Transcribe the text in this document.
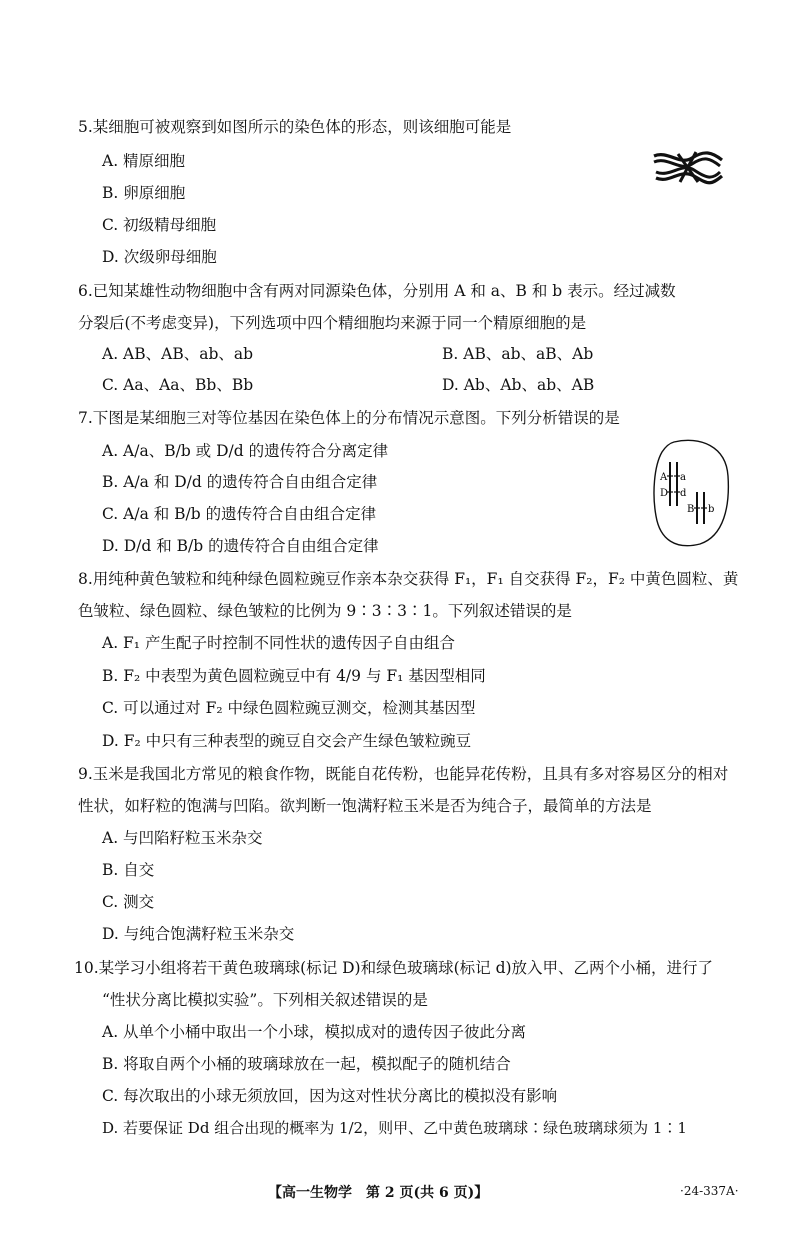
5.某细胞可被观察到如图所示的染色体的形态，则该细胞可能是
A. 精原细胞
B. 卵原细胞
C. 初级精母细胞
D. 次级卵母细胞
6.已知某雄性动物细胞中含有两对同源染色体，分别用 A 和 a、B 和 b 表示。经过减数
分裂后(不考虑变异)，下列选项中四个精细胞均来源于同一个精原细胞的是
A. AB、AB、ab、ab	B. AB、ab、aB、Ab
C. Aa、Aa、Bb、Bb	D. Ab、Ab、ab、AB
7.下图是某细胞三对等位基因在染色体上的分布情况示意图。下列分析错误的是
A. A/a、B/b 或 D/d 的遗传符合分离定律
B. A/a 和 D/d 的遗传符合自由组合定律
C. A/a 和 B/b 的遗传符合自由组合定律
D. D/d 和 B/b 的遗传符合自由组合定律
A a
D d
B b
8.用纯种黄色皱粒和纯种绿色圆粒豌豆作亲本杂交获得 F₁，F₁ 自交获得 F₂，F₂ 中黄色圆粒、黄
色皱粒、绿色圆粒、绿色皱粒的比例为 9∶3∶3∶1。下列叙述错误的是
A. F₁ 产生配子时控制不同性状的遗传因子自由组合
B. F₂ 中表型为黄色圆粒豌豆中有 4/9 与 F₁ 基因型相同
C. 可以通过对 F₂ 中绿色圆粒豌豆测交，检测其基因型
D. F₂ 中只有三种表型的豌豆自交会产生绿色皱粒豌豆
9.玉米是我国北方常见的粮食作物，既能自花传粉，也能异花传粉，且具有多对容易区分的相对
性状，如籽粒的饱满与凹陷。欲判断一饱满籽粒玉米是否为纯合子，最简单的方法是
A. 与凹陷籽粒玉米杂交
B. 自交
C. 测交
D. 与纯合饱满籽粒玉米杂交
10.某学习小组将若干黄色玻璃球(标记 D)和绿色玻璃球(标记 d)放入甲、乙两个小桶，进行了
“性状分离比模拟实验”。下列相关叙述错误的是
A. 从单个小桶中取出一个小球，模拟成对的遗传因子彼此分离
B. 将取自两个小桶的玻璃球放在一起，模拟配子的随机结合
C. 每次取出的小球无须放回，因为这对性状分离比的模拟没有影响
D. 若要保证 Dd 组合出现的概率为 1/2，则甲、乙中黄色玻璃球∶绿色玻璃球须为 1∶1
【高一生物学　第 2 页(共 6 页)】	·24-337A·
